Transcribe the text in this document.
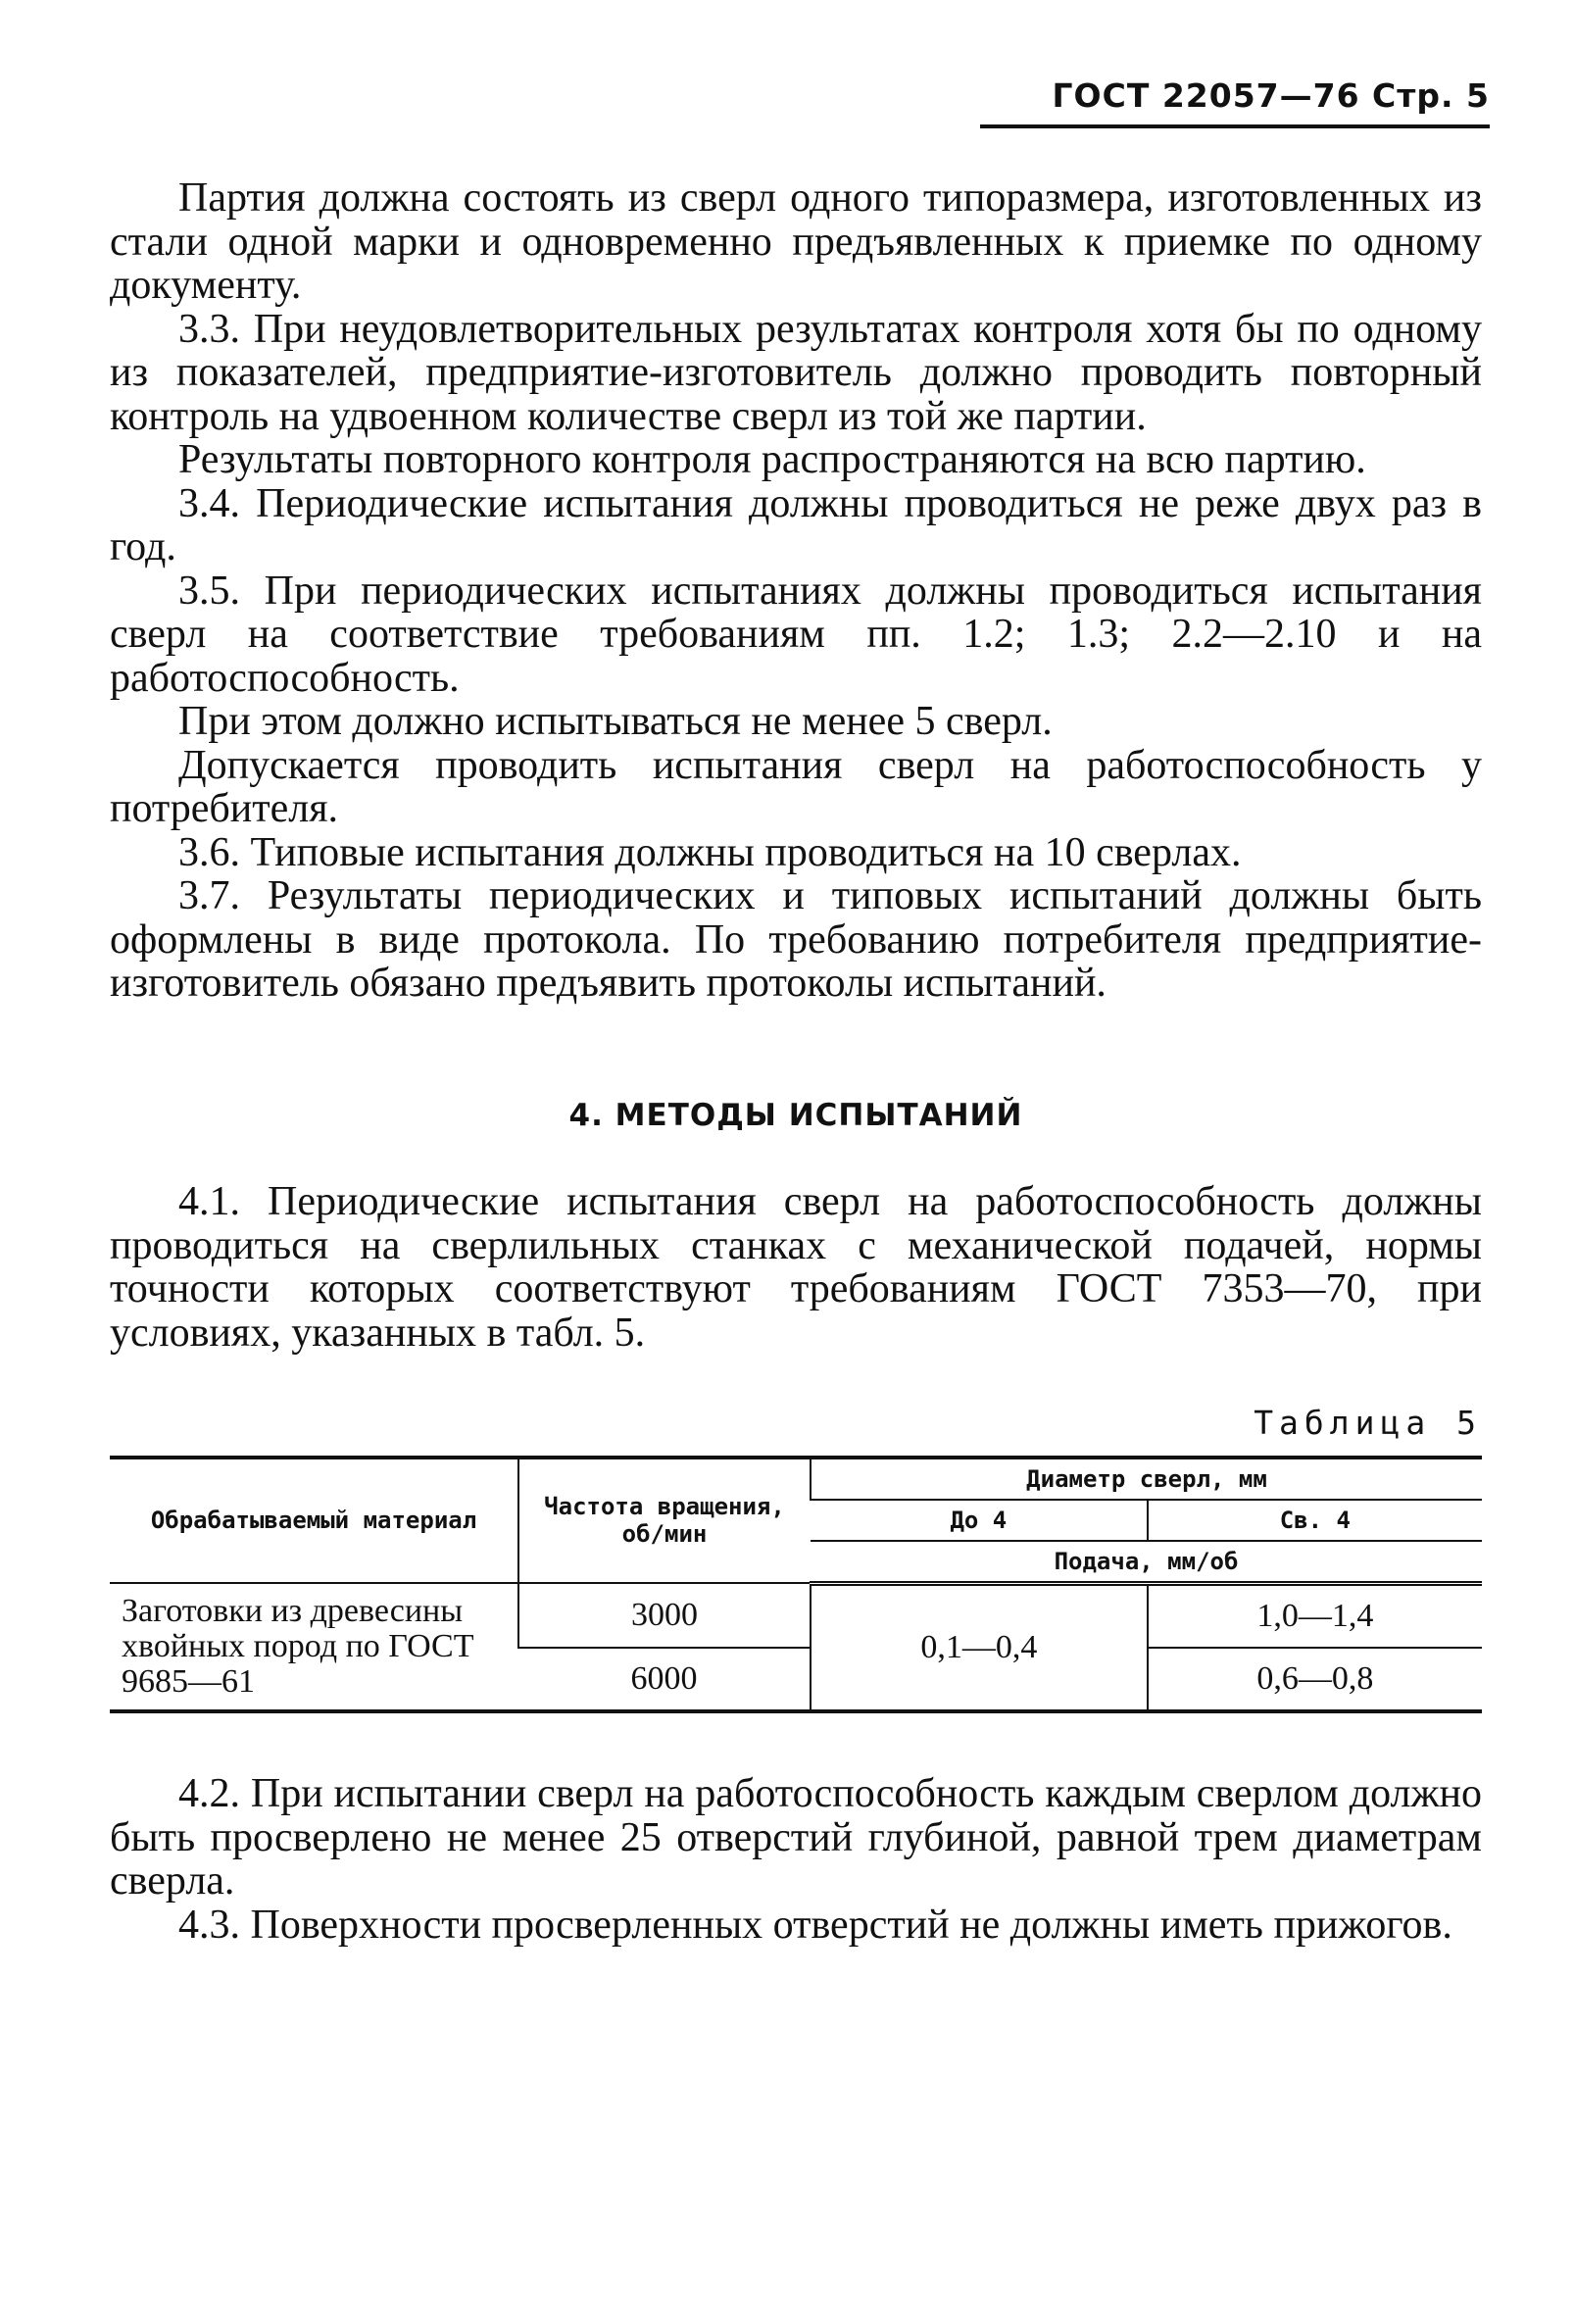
ГОСТ 22057—76 Стр. 5

Партия должна состоять из сверл одного типоразмера, изготовленных из стали одной марки и одновременно предъявленных к приемке по одному документу.

3.3. При неудовлетворительных результатах контроля хотя бы по одному из показателей, предприятие-изготовитель должно проводить повторный контроль на удвоенном количестве сверл из той же партии.

Результаты повторного контроля распространяются на всю партию.

3.4. Периодические испытания должны проводиться не реже двух раз в год.

3.5. При периодических испытаниях должны проводиться испытания сверл на соответствие требованиям пп. 1.2; 1.3; 2.2—2.10 и на работоспособность.

При этом должно испытываться не менее 5 сверл.

Допускается проводить испытания сверл на работоспособность у потребителя.

3.6. Типовые испытания должны проводиться на 10 сверлах.

3.7. Результаты периодических и типовых испытаний должны быть оформлены в виде протокола. По требованию потребителя предприятие-изготовитель обязано предъявить протоколы испытаний.

4. МЕТОДЫ ИСПЫТАНИЙ

4.1. Периодические испытания сверл на работоспособность должны проводиться на сверлильных станках с механической подачей, нормы точности которых соответствуют требованиям ГОСТ 7353—70, при условиях, указанных в табл. 5.

Таблица 5
Обрабатываемый материал	Частота вращения, об/мин	Диаметр сверл, мм	
		До 4	Св. 4
		Подача, мм/об	
Заготовки из древесины хвойных пород по ГОСТ 9685—61	3000	0,1—0,4	1,0—1,4
	6000		0,6—0,8

4.2. При испытании сверл на работоспособность каждым сверлом должно быть просверлено не менее 25 отверстий глубиной, равной трем диаметрам сверла.

4.3. Поверхности просверленных отверстий не должны иметь прижогов.
